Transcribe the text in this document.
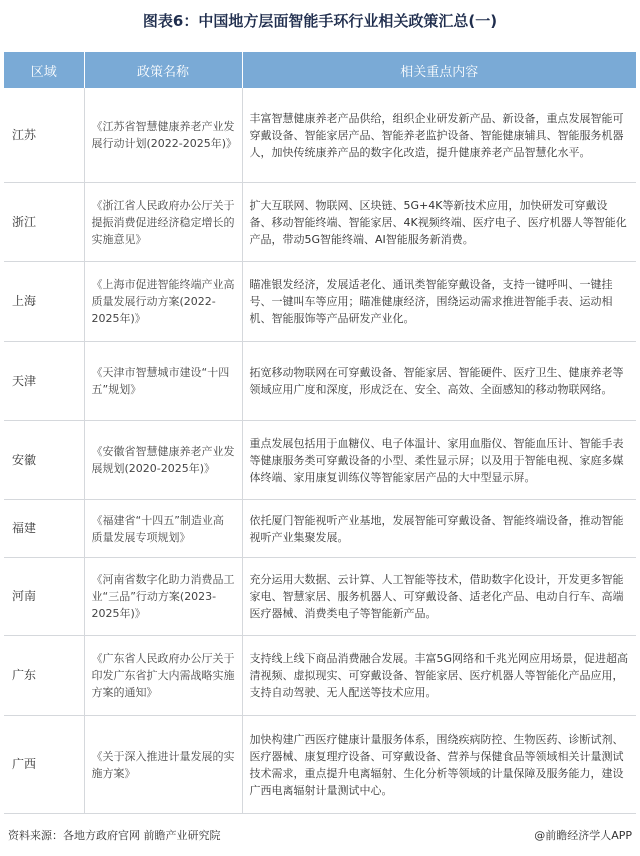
图表6：中国地方层面智能手环行业相关政策汇总(一)
区域	政策名称	相关重点内容
江苏	《江苏省智慧健康养老产业发展行动计划(2022-2025年)》	丰富智慧健康养老产品供给，组织企业研发新产品、新设备，重点发展智能可穿戴设备、智能家居产品、智能养老监护设备、智能健康辅具、智能服务机器人，加快传统康养产品的数字化改造，提升健康养老产品智慧化水平。
浙江	《浙江省人民政府办公厅关于提振消费促进经济稳定增长的实施意见》	扩大互联网、物联网、区块链、5G+4K等新技术应用，加快研发可穿戴设备、移动智能终端、智能家居、4K视频终端、医疗电子、医疗机器人等智能化产品，带动5G智能终端、AI智能服务新消费。
上海	《上海市促进智能终端产业高质量发展行动方案(2022-2025年)》	瞄准银发经济，发展适老化、通讯类智能穿戴设备，支持一键呼叫、一键挂号、一键叫车等应用；瞄准健康经济，围绕运动需求推进智能手表、运动相机、智能服饰等产品研发产业化。
天津	《天津市智慧城市建设“十四五”规划》	拓宽移动物联网在可穿戴设备、智能家居、智能硬件、医疗卫生、健康养老等领域应用广度和深度，形成泛在、安全、高效、全面感知的移动物联网络。
安徽	《安徽省智慧健康养老产业发展规划(2020-2025年)》	重点发展包括用于血糖仪、电子体温计、家用血脂仪、智能血压计、智能手表等健康服务类可穿戴设备的小型、柔性显示屏；以及用于智能电视、家庭多媒体终端、家用康复训练仪等智能家居产品的大中型显示屏。
福建	《福建省“十四五”制造业高质量发展专项规划》	依托厦门智能视听产业基地，发展智能可穿戴设备、智能终端设备，推动智能视听产业集聚发展。
河南	《河南省数字化助力消费品工业“三品”行动方案(2023-2025年)》	充分运用大数据、云计算、人工智能等技术，借助数字化设计，开发更多智能家电、智慧家居、服务机器人、可穿戴设备、适老化产品、电动自行车、高端医疗器械、消费类电子等智能新产品。
广东	《广东省人民政府办公厅关于印发广东省扩大内需战略实施方案的通知》	支持线上线下商品消费融合发展。丰富5G网络和千兆光网应用场景，促进超高清视频、虚拟现实、可穿戴设备、智能家居、医疗机器人等智能化产品应用，支持自动驾驶、无人配送等技术应用。
广西	《关于深入推进计量发展的实施方案》	加快构建广西医疗健康计量服务体系，围绕疾病防控、生物医药、诊断试剂、医疗器械、康复理疗设备、可穿戴设备、营养与保健食品等领域相关计量测试技术需求，重点提升电离辐射、生化分析等领域的计量保障及服务能力，建设广西电离辐射计量测试中心。
资料来源：各地方政府官网 前瞻产业研究院	@前瞻经济学人APP
